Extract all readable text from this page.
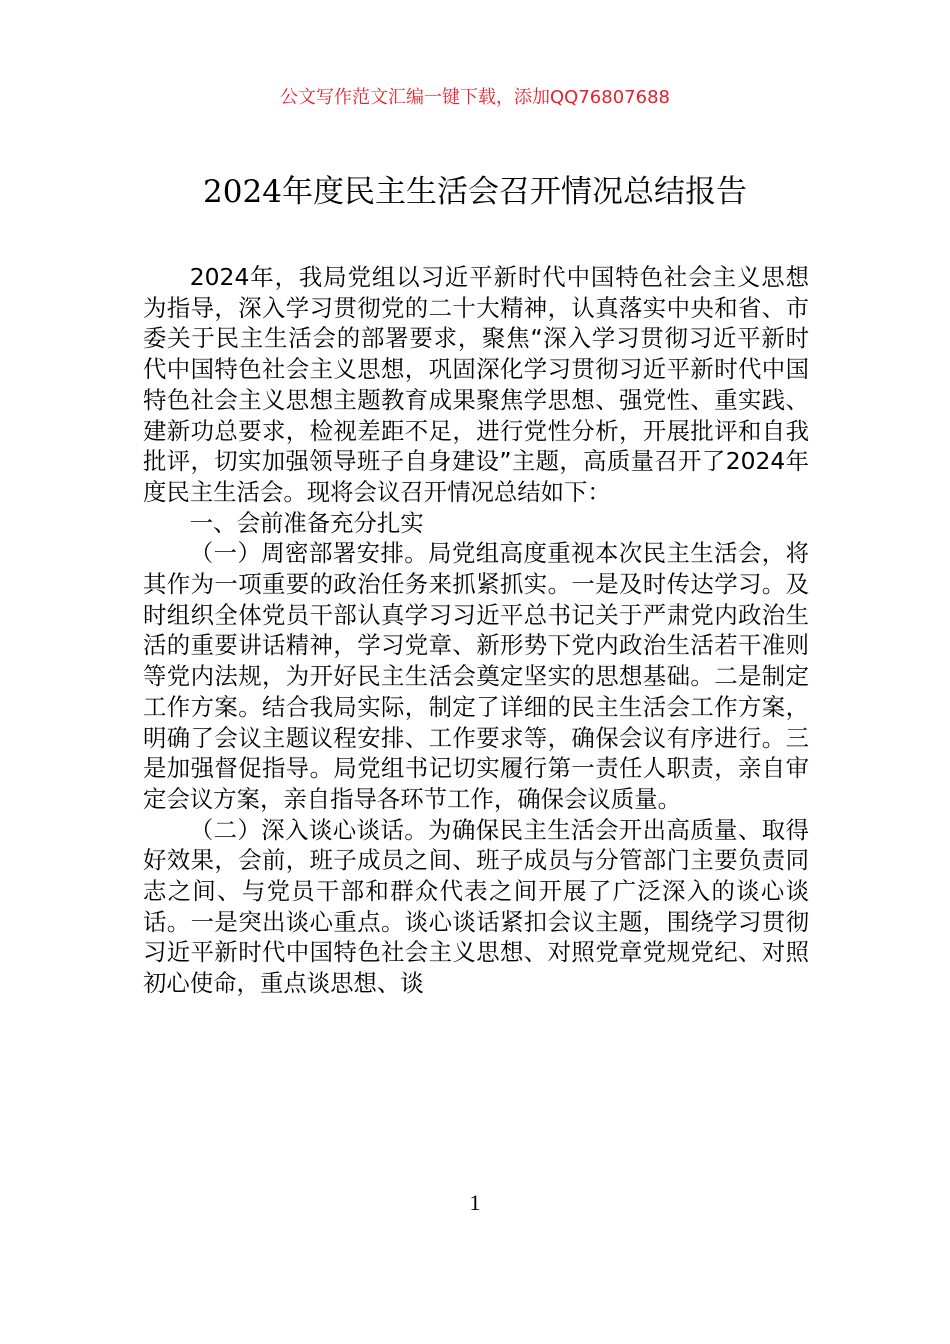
公文写作范文汇编一键下载，添加QQ76807688
2024年度民主生活会召开情况总结报告

2024年，我局党组以习近平新时代中国特色社会主义思想为指导，深入学习贯彻党的二十大精神，认真落实中央和省、市委关于民主生活会的部署要求，聚焦“深入学习贯彻习近平新时代中国特色社会主义思想，巩固深化学习贯彻习近平新时代中国特色社会主义思想主题教育成果聚焦学思想、强党性、重实践、建新功总要求，检视差距不足，进行党性分析，开展批评和自我批评，切实加强领导班子自身建设”主题，高质量召开了2024年度民主生活会。现将会议召开情况总结如下：

一、会前准备充分扎实

（一）周密部署安排。局党组高度重视本次民主生活会，将其作为一项重要的政治任务来抓紧抓实。一是及时传达学习。及时组织全体党员干部认真学习习近平总书记关于严肃党内政治生活的重要讲话精神，学习党章、新形势下党内政治生活若干准则等党内法规，为开好民主生活会奠定坚实的思想基础。二是制定工作方案。结合我局实际，制定了详细的民主生活会工作方案，明确了会议主题议程安排、工作要求等，确保会议有序进行。三是加强督促指导。局党组书记切实履行第一责任人职责，亲自审定会议方案，亲自指导各环节工作，确保会议质量。

（二）深入谈心谈话。为确保民主生活会开出高质量、取得好效果，会前，班子成员之间、班子成员与分管部门主要负责同志之间、与党员干部和群众代表之间开展了广泛深入的谈心谈话。一是突出谈心重点。谈心谈话紧扣会议主题，围绕学习贯彻习近平新时代中国特色社会主义思想、对照党章党规党纪、对照初心使命，重点谈思想、谈

1
